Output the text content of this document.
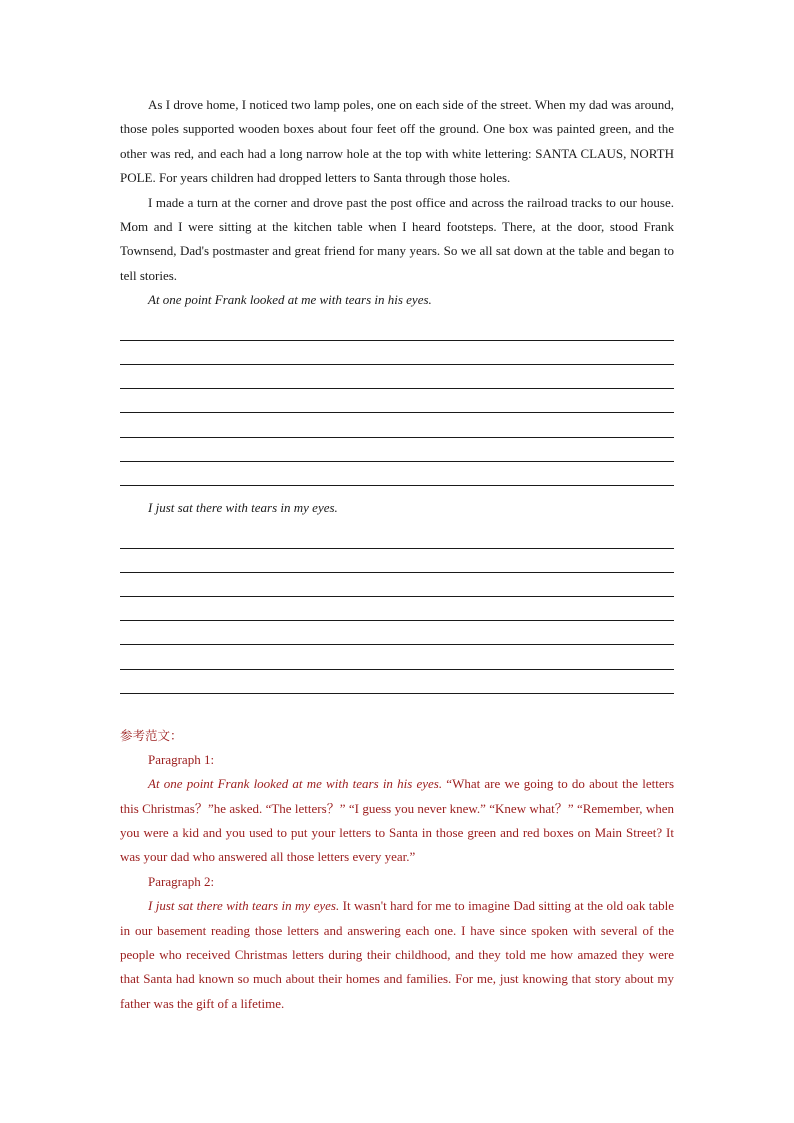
As I drove home, I noticed two lamp poles, one on each side of the street. When my dad was around, those poles supported wooden boxes about four feet off the ground. One box was painted green, and the other was red, and each had a long narrow hole at the top with white lettering: SANTA CLAUS, NORTH POLE. For years children had dropped letters to Santa through those holes.

I made a turn at the corner and drove past the post office and across the railroad tracks to our house. Mom and I were sitting at the kitchen table when I heard footsteps. There, at the door, stood Frank Townsend, Dad's postmaster and great friend for many years. So we all sat down at the table and began to tell stories.

At one point Frank looked at me with tears in his eyes.

I just sat there with tears in my eyes.

参考范文：

Paragraph 1:

At one point Frank looked at me with tears in his eyes. “What are we going to do about the letters this Christmas？”he asked. “The letters？” “I guess you never knew.” “Knew what？” “Remember, when you were a kid and you used to put your letters to Santa in those green and red boxes on Main Street? It was your dad who answered all those letters every year.”

Paragraph 2:

I just sat there with tears in my eyes. It wasn't hard for me to imagine Dad sitting at the old oak table in our basement reading those letters and answering each one. I have since spoken with several of the people who received Christmas letters during their childhood, and they told me how amazed they were that Santa had known so much about their homes and families. For me, just knowing that story about my father was the gift of a lifetime.
